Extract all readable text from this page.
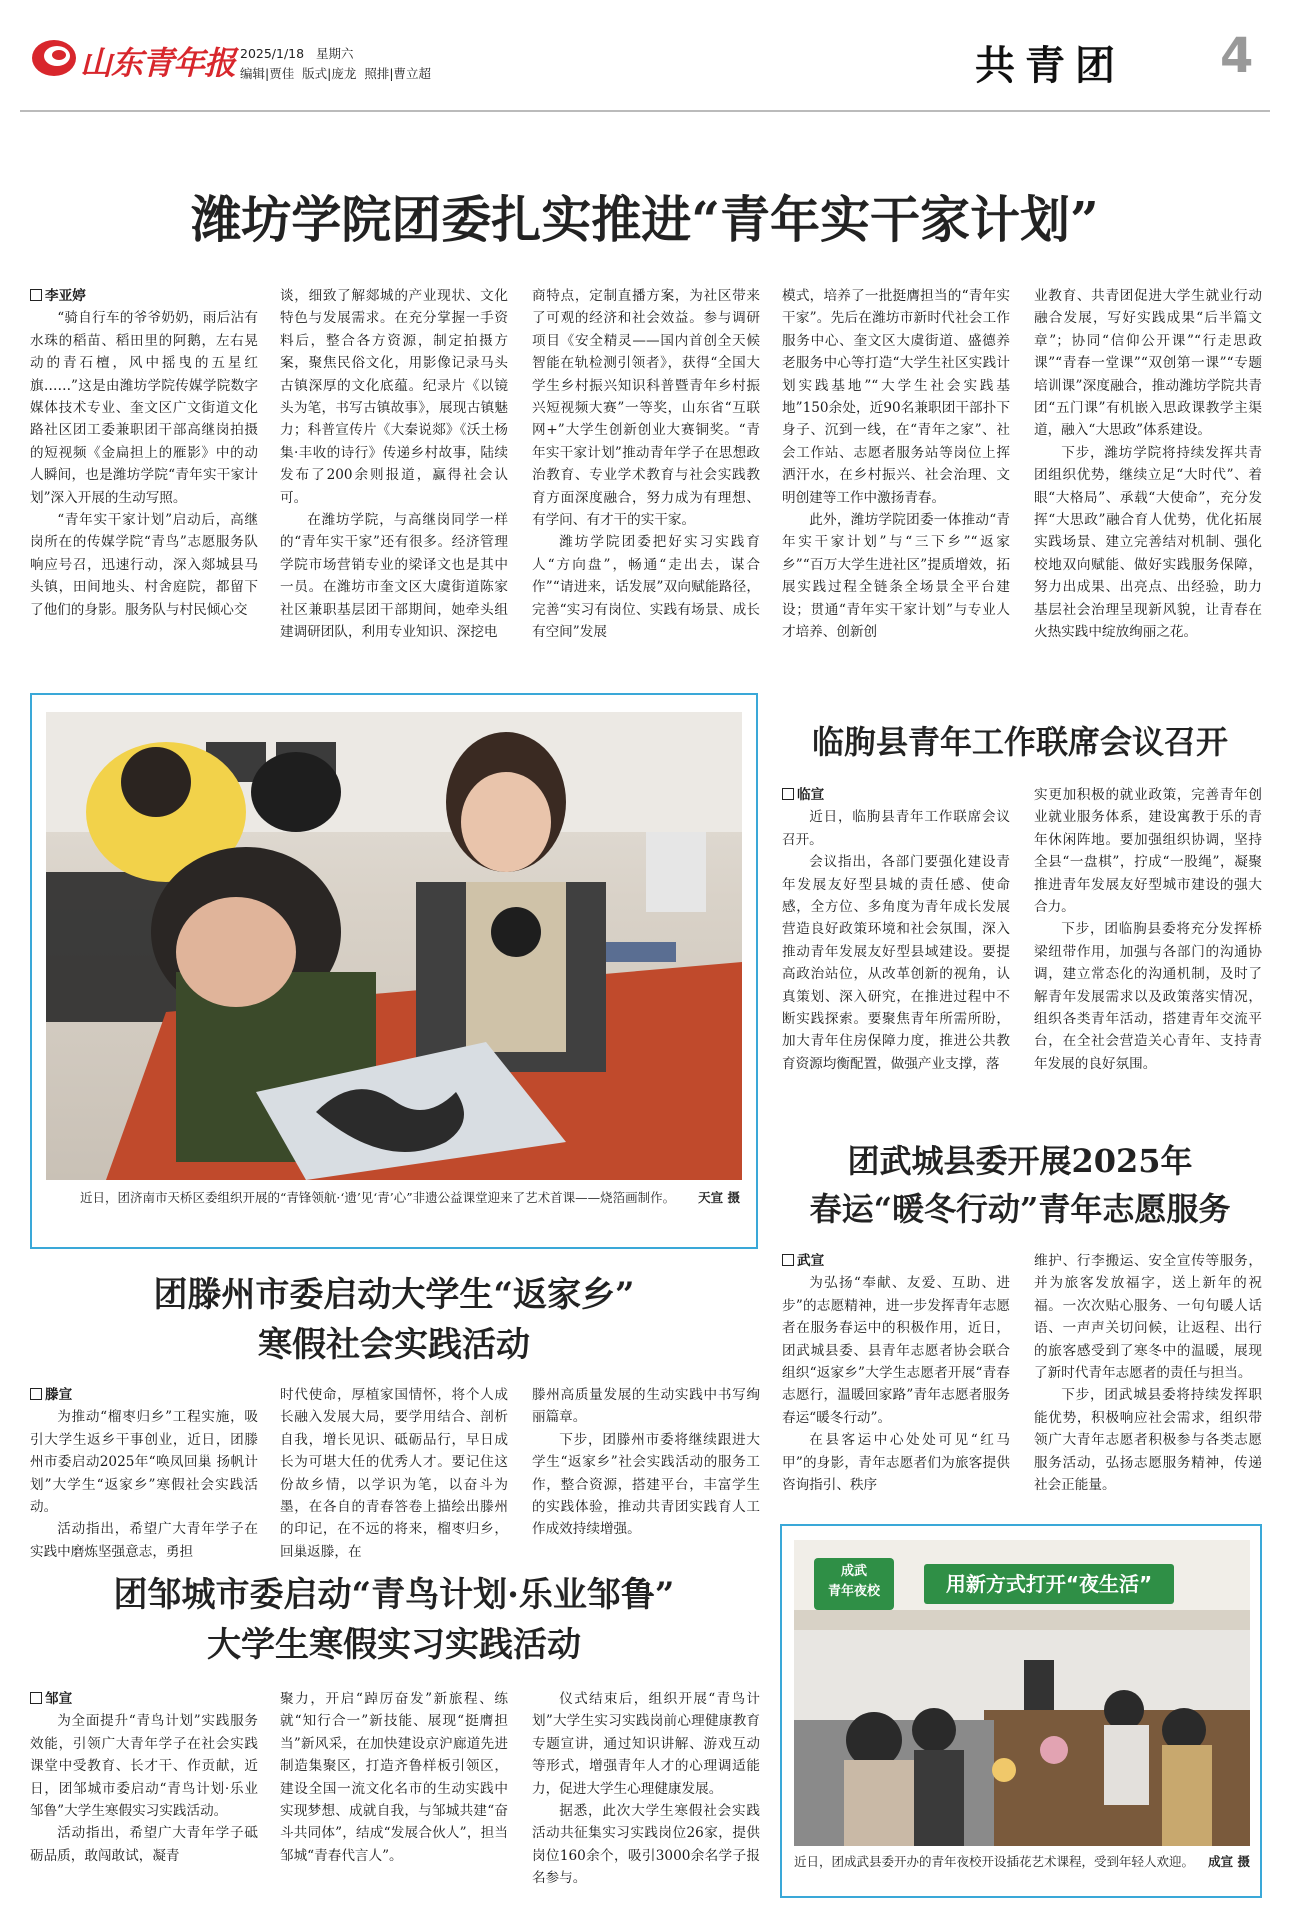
山东青年报 2025/1/18 星期六
编辑|贾佳 版式|庞龙 照排|曹立超	共青团 4
潍坊学院团委扎实推进“青年实干家计划”

李亚婷

“骑自行车的爷爷奶奶，雨后沾有水珠的稻苗、稻田里的阿鹅，左右晃动的青石檀，风中摇曳的五星红旗……”这是由潍坊学院传媒学院数字媒体技术专业、奎文区广文街道文化路社区团工委兼职团干部高继岗拍摄的短视频《金扁担上的雁影》中的动人瞬间，也是潍坊学院“青年实干家计划”深入开展的生动写照。

“青年实干家计划”启动后，高继岗所在的传媒学院“青鸟”志愿服务队响应号召，迅速行动，深入郯城县马头镇，田间地头、村舍庭院，都留下了他们的身影。服务队与村民倾心交

谈，细致了解郯城的产业现状、文化特色与发展需求。在充分掌握一手资料后，整合各方资源，制定拍摄方案，聚焦民俗文化，用影像记录马头古镇深厚的文化底蕴。纪录片《以镜头为笔，书写古镇故事》，展现古镇魅力；科普宣传片《大秦说郯》《沃土杨集·丰收的诗行》传递乡村故事，陆续发布了200余则报道，赢得社会认可。

在潍坊学院，与高继岗同学一样的“青年实干家”还有很多。经济管理学院市场营销专业的梁译文也是其中一员。在潍坊市奎文区大虞街道陈家社区兼职基层团干部期间，她牵头组建调研团队，利用专业知识、深挖电

商特点，定制直播方案，为社区带来了可观的经济和社会效益。参与调研项目《安全精灵——国内首创全天候智能在轨检测引领者》，获得“全国大学生乡村振兴知识科普暨青年乡村振兴短视频大赛”一等奖，山东省“互联网+”大学生创新创业大赛铜奖。“青年实干家计划”推动青年学子在思想政治教育、专业学术教育与社会实践教育方面深度融合，努力成为有理想、有学问、有才干的实干家。

潍坊学院团委把好实习实践育人“方向盘”，畅通“走出去，谋合作”“请进来，话发展”双向赋能路径，完善“实习有岗位、实践有场景、成长有空间”发展

模式，培养了一批挺膺担当的“青年实干家”。先后在潍坊市新时代社会工作服务中心、奎文区大虞街道、盛德养老服务中心等打造“大学生社区实践计划实践基地”“大学生社会实践基地”150余处，近90名兼职团干部扑下身子、沉到一线，在“青年之家”、社会工作站、志愿者服务站等岗位上挥洒汗水，在乡村振兴、社会治理、文明创建等工作中激扬青春。

此外，潍坊学院团委一体推动“青年实干家计划”与“三下乡”“返家乡”“百万大学生进社区”提质增效，拓展实践过程全链条全场景全平台建设；贯通“青年实干家计划”与专业人才培养、创新创

业教育、共青团促进大学生就业行动融合发展，写好实践成果“后半篇文章”；协同“信仰公开课”“行走思政课”“青春一堂课”“双创第一课”“专题培训课”深度融合，推动潍坊学院共青团“五门课”有机嵌入思政课教学主渠道，融入“大思政”体系建设。

下步，潍坊学院将持续发挥共青团组织优势，继续立足“大时代”、着眼“大格局”、承载“大使命”，充分发挥“大思政”融合育人优势，优化拓展实践场景、建立完善结对机制、强化校地双向赋能、做好实践服务保障，努力出成果、出亮点、出经验，助力基层社会治理呈现新风貌，让青春在火热实践中绽放绚丽之花。

近日，团济南市天桥区委组织开展的“青锋领航·‘遗’见‘青’心”非遗公益课堂迎来了艺术首课——烧箔画制作。 天宣 摄
临朐县青年工作联席会议召开

临宣

近日，临朐县青年工作联席会议召开。

会议指出，各部门要强化建设青年发展友好型县城的责任感、使命感，全方位、多角度为青年成长发展营造良好政策环境和社会氛围，深入推动青年发展友好型县域建设。要提高政治站位，从改革创新的视角，认真策划、深入研究，在推进过程中不断实践探索。要聚焦青年所需所盼，加大青年住房保障力度，推进公共教育资源均衡配置，做强产业支撑，落

实更加积极的就业政策，完善青年创业就业服务体系，建设寓教于乐的青年休闲阵地。要加强组织协调，坚持全县“一盘棋”，拧成“一股绳”，凝聚推进青年发展友好型城市建设的强大合力。

下步，团临朐县委将充分发挥桥梁纽带作用，加强与各部门的沟通协调，建立常态化的沟通机制，及时了解青年发展需求以及政策落实情况，组织各类青年活动，搭建青年交流平台，在全社会营造关心青年、支持青年发展的良好氛围。

团武城县委开展2025年
春运“暖冬行动”青年志愿服务

武宣

为弘扬“奉献、友爱、互助、进步”的志愿精神，进一步发挥青年志愿者在服务春运中的积极作用，近日，团武城县委、县青年志愿者协会联合组织“返家乡”大学生志愿者开展“青春志愿行，温暖回家路”青年志愿者服务春运“暖冬行动”。

在县客运中心处处可见“红马甲”的身影，青年志愿者们为旅客提供咨询指引、秩序

维护、行李搬运、安全宣传等服务，并为旅客发放福字，送上新年的祝福。一次次贴心服务、一句句暖人话语、一声声关切问候，让返程、出行的旅客感受到了寒冬中的温暖，展现了新时代青年志愿者的责任与担当。

下步，团武城县委将持续发挥职能优势，积极响应社会需求，组织带领广大青年志愿者积极参与各类志愿服务活动，弘扬志愿服务精神，传递社会正能量。

团滕州市委启动大学生“返家乡”
寒假社会实践活动

滕宣

为推动“榴枣归乡”工程实施，吸引大学生返乡干事创业，近日，团滕州市委启动2025年“唤凤回巢 扬帆计划”大学生“返家乡”寒假社会实践活动。

活动指出，希望广大青年学子在实践中磨炼坚强意志，勇担

时代使命，厚植家国情怀，将个人成长融入发展大局，要学用结合、剖析自我，增长见识、砥砺品行，早日成长为可堪大任的优秀人才。要记住这份故乡情，以学识为笔，以奋斗为墨，在各自的青春答卷上描绘出滕州的印记，在不远的将来，榴枣归乡，回巢返滕，在

滕州高质量发展的生动实践中书写绚丽篇章。

下步，团滕州市委将继续跟进大学生“返家乡”社会实践活动的服务工作，整合资源，搭建平台，丰富学生的实践体验，推动共青团实践育人工作成效持续增强。

团邹城市委启动“青鸟计划·乐业邹鲁”
大学生寒假实习实践活动

邹宣

为全面提升“青鸟计划”实践服务效能，引领广大青年学子在社会实践课堂中受教育、长才干、作贡献，近日，团邹城市委启动“青鸟计划·乐业邹鲁”大学生寒假实习实践活动。

活动指出，希望广大青年学子砥砺品质，敢闯敢试，凝青

聚力，开启“踔厉奋发”新旅程、练就“知行合一”新技能、展现“挺膺担当”新风采，在加快建设京沪廊道先进制造集聚区，打造齐鲁样板引领区，建设全国一流文化名市的生动实践中实现梦想、成就自我，与邹城共建“奋斗共同体”，结成“发展合伙人”，担当邹城“青春代言人”。

仪式结束后，组织开展“青鸟计划”大学生实习实践岗前心理健康教育专题宣讲，通过知识讲解、游戏互动等形式，增强青年人才的心理调适能力，促进大学生心理健康发展。

据悉，此次大学生寒假社会实践活动共征集实习实践岗位26家，提供岗位160余个，吸引3000余名学子报名参与。

成武
青年夜校	用新方式打开“夜生活”
近日，团成武县委开办的青年夜校开设插花艺术课程，受到年轻人欢迎。 成宣 摄
